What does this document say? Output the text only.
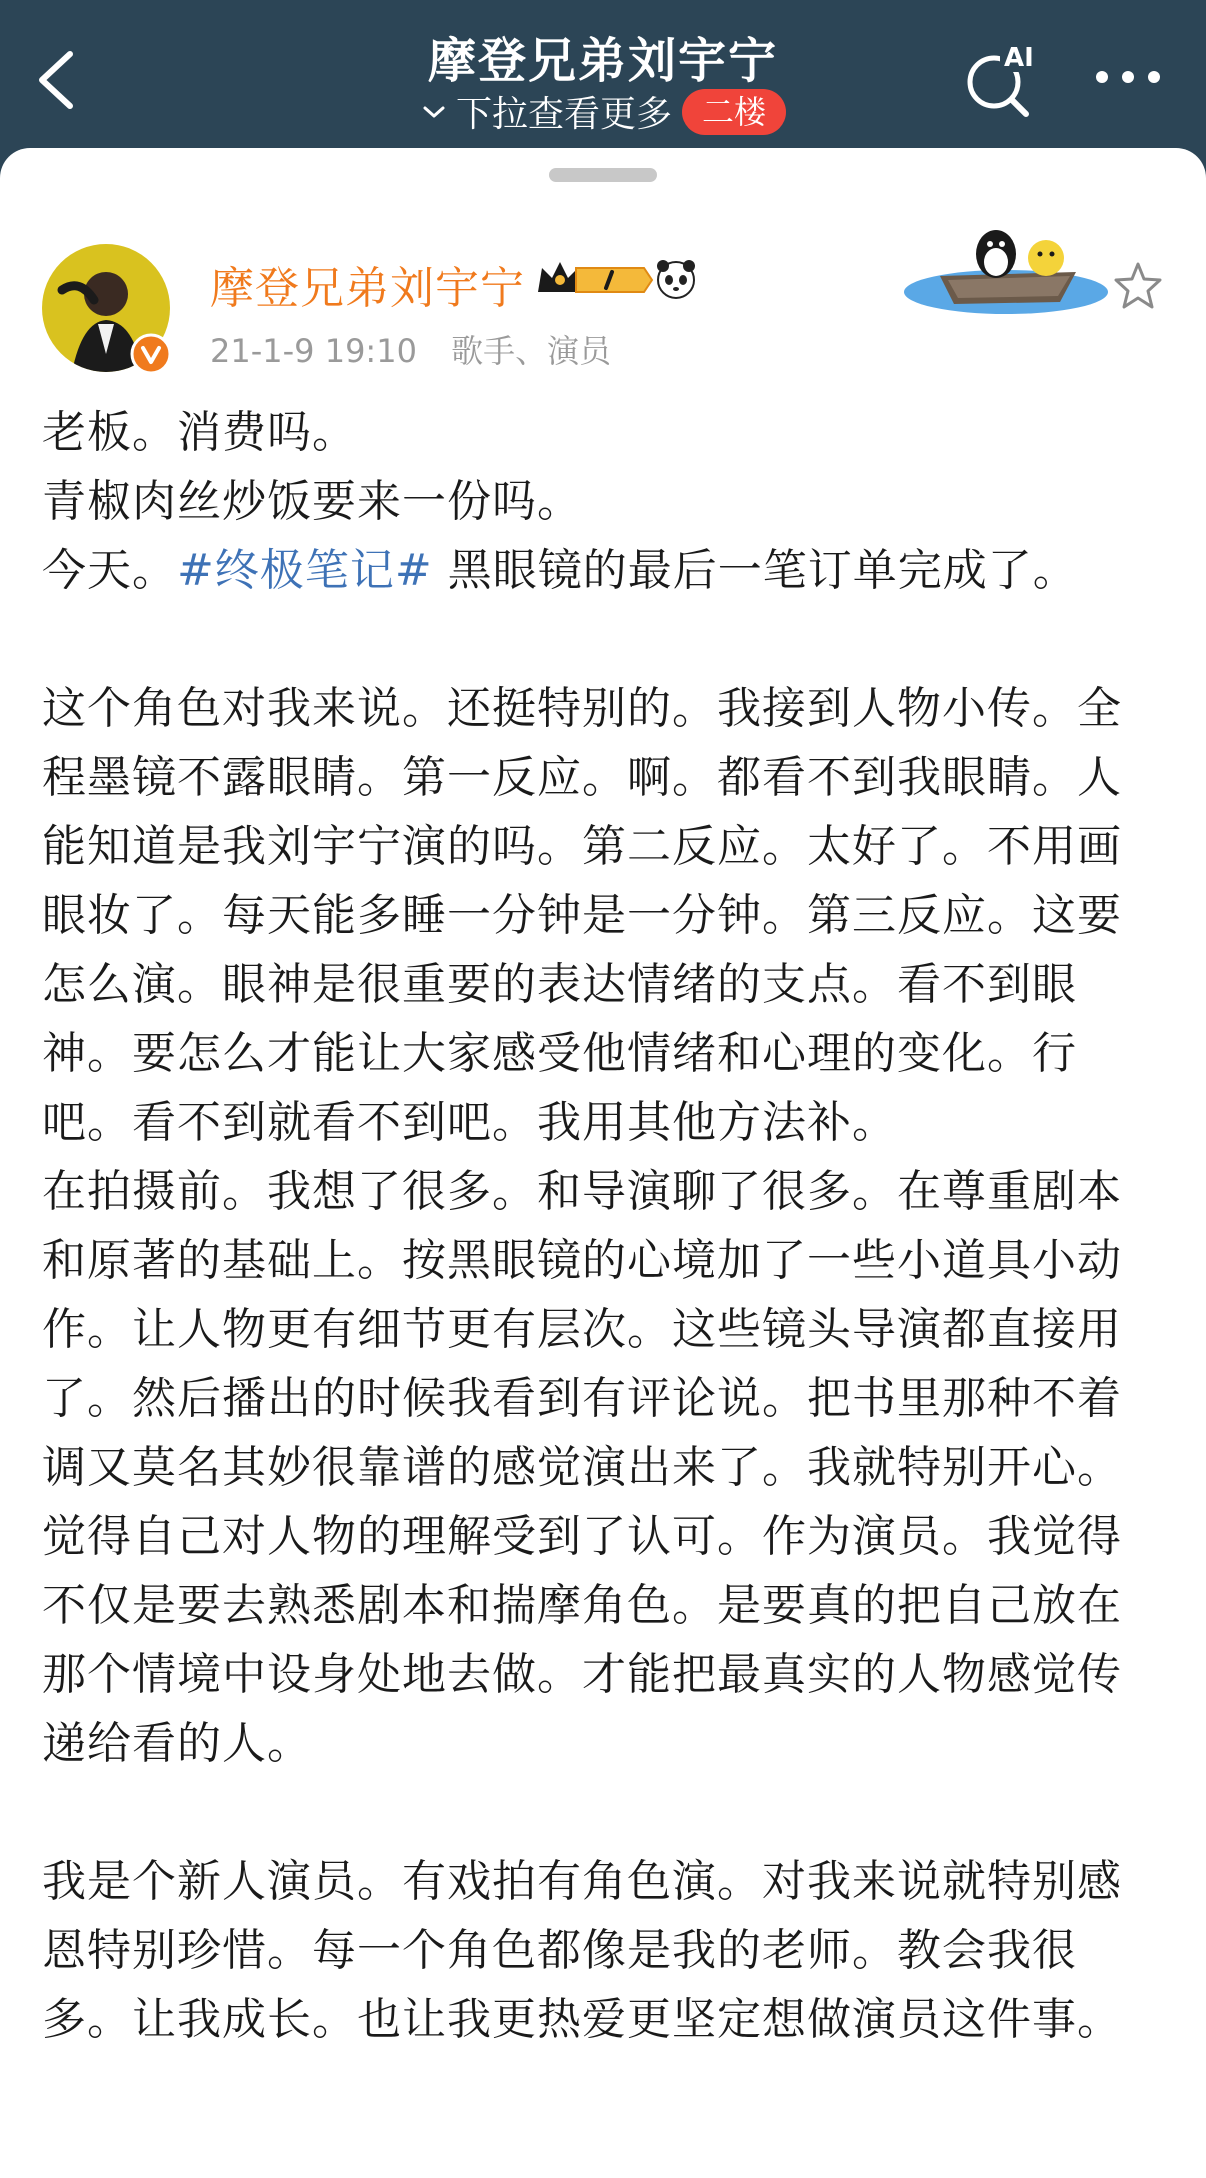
摩登兄弟刘宇宁
下拉查看更多 二楼
AI
摩登兄弟刘宇宁
21-1-9 19:10 歌手、演员

老板。消费吗。

青椒肉丝炒饭要来一份吗。

今天。#终极笔记# 黑眼镜的最后一笔订单完成了。

这个角色对我来说。还挺特别的。我接到人物小传。全程墨镜不露眼睛。第一反应。啊。都看不到我眼睛。人能知道是我刘宇宁演的吗。第二反应。太好了。不用画眼妆了。每天能多睡一分钟是一分钟。第三反应。这要怎么演。眼神是很重要的表达情绪的支点。看不到眼神。要怎么才能让大家感受他情绪和心理的变化。行吧。看不到就看不到吧。我用其他方法补。

在拍摄前。我想了很多。和导演聊了很多。在尊重剧本和原著的基础上。按黑眼镜的心境加了一些小道具小动作。让人物更有细节更有层次。这些镜头导演都直接用了。然后播出的时候我看到有评论说。把书里那种不着调又莫名其妙很靠谱的感觉演出来了。我就特别开心。觉得自己对人物的理解受到了认可。作为演员。我觉得不仅是要去熟悉剧本和揣摩角色。是要真的把自己放在那个情境中设身处地去做。才能把最真实的人物感觉传递给看的人。

我是个新人演员。有戏拍有角色演。对我来说就特别感恩特别珍惜。每一个角色都像是我的老师。教会我很多。让我成长。也让我更热爱更坚定想做演员这件事。
